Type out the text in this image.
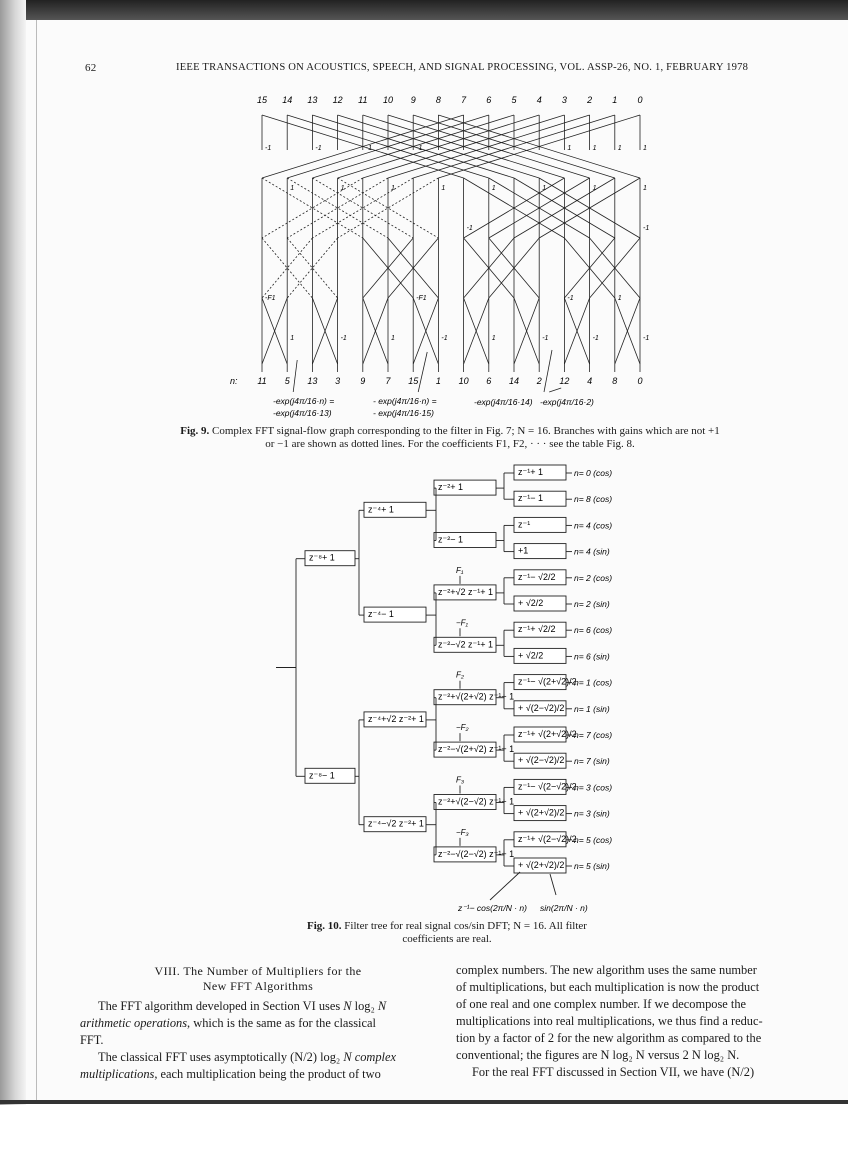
62	IEEE TRANSACTIONS ON ACOUSTICS, SPEECH, AND SIGNAL PROCESSING, VOL. ASSP-26, NO. 1, FEBRUARY 1978
15 14 13 12 11 10 9 8 7 6 5 4 3 2 1 0
11 5 13 3 9 7 15 1 10 6 14 2 12 4 8 0
n:
-1	-1	-1	-1	1	1	1	1
1	1	1	1	1	1	1	1
-1	-1
-F1	-F1	-1	1
1	-1	1	-1	1	-1	-1	-1
-exp(j4π/16·n) =
-exp(j4π/16·13)
- exp(j4π/16·n) =
- exp(j4π/16·15)
-exp(j4π/16·14) -exp(j4π/16·2)
Fig. 9. Complex FFT signal-flow graph corresponding to the filter in Fig. 7; N = 16. Branches with gains which are not +1
or −1 are shown as dotted lines. For the coefficients F1, F2, · · · see the table Fig. 8.
z⁻¹+ 1	n= 0 (cos)
z⁻¹− 1	n= 8 (cos)
z⁻¹	n= 4 (cos)
+1	n= 4 (sin)
z⁻¹− √2/2 n= 2 (cos)
+ √2/2	n= 2 (sin)
z⁻¹+ √2/2 n= 6 (cos)
+ √2/2	n= 6 (sin)
z⁻¹− √(2+√2)/2
n= 1 (cos)
+ √(2−√2)/2 n= 1 (sin)
z⁻¹+ √(2+√2)/2
n= 7 (cos)
+ √(2−√2)/2 n= 7 (sin)
z⁻¹− √(2−√2)/2
n= 3 (cos)
+ √(2+√2)/2 n= 3 (sin)
z⁻¹+ √(2−√2)/2
n= 5 (cos)
+ √(2+√2)/2 n= 5 (sin)
z⁻²+ 1
z⁻²− 1
z⁻²+√2 z⁻¹+ 1
z⁻²−√2 z⁻¹+ 1
z⁻²+√(2+√2) z⁻¹+ 1
z⁻²−√(2+√2) z⁻¹+ 1
z⁻²+√(2−√2) z⁻¹+ 1
z⁻²−√(2−√2) z⁻¹+ 1
F₁
−F₁
F₂
−F₂
F₃
−F₃
z⁻⁴+ 1
z⁻⁴− 1
z⁻⁴+√2 z⁻²+ 1
z⁻⁴−√2 z⁻²+ 1
z⁻⁸+ 1
z⁻⁸− 1
z⁻¹− cos(2π/N · n) sin(2π/N · n)
Fig. 10. Filter tree for real signal cos/sin DFT; N = 16. All filter
coefficients are real.
VIII. The Number of Multipliers for the
New FFT Algorithms
The FFT algorithm developed in Section VI uses N log₂ N
arithmetic operations, which is the same as for the classical
FFT.
The classical FFT uses asymptotically (N/2) log₂ N complex
multiplications, each multiplication being the product of two
complex numbers. The new algorithm uses the same number
of multiplications, but each multiplication is now the product
of one real and one complex number. If we decompose the
multiplications into real multiplications, we thus find a reduc-
tion by a factor of 2 for the new algorithm as compared to the
conventional; the figures are N log₂ N versus 2 N log₂ N.
For the real FFT discussed in Section VII, we have (N/2)
